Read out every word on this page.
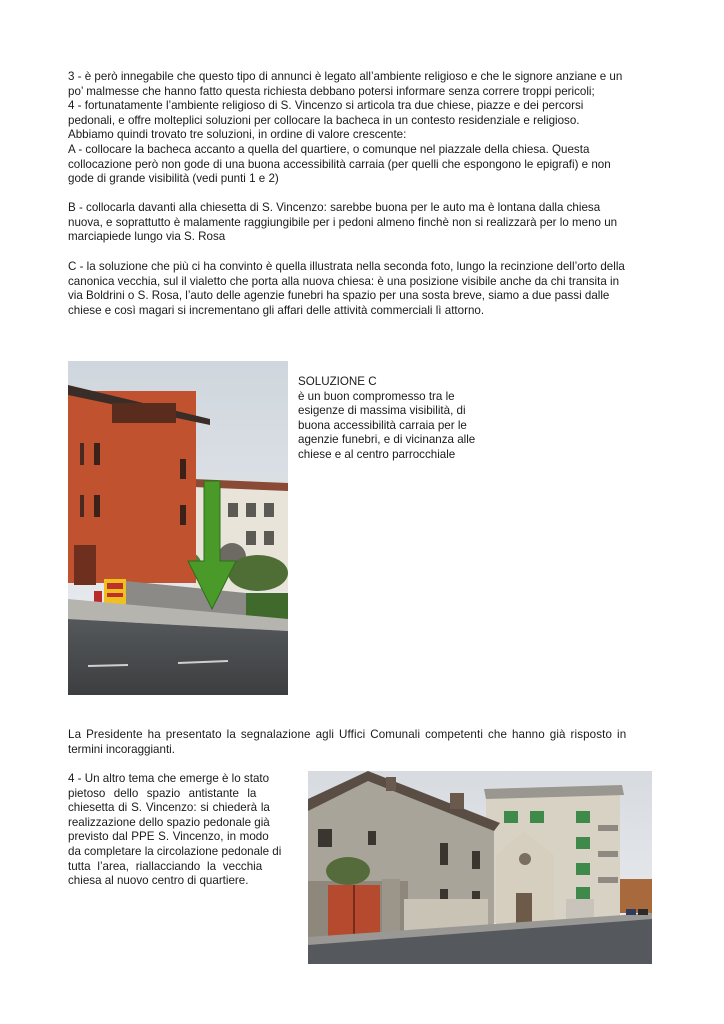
3 - è però innegabile che questo tipo di annunci è legato all’ambiente religioso e che le signore anziane e un
po’ malmesse che hanno fatto questa richiesta debbano potersi informare senza correre troppi pericoli;
4 - fortunatamente l’ambiente religioso di S. Vincenzo si articola tra due chiese, piazze e dei percorsi
pedonali, e offre molteplici soluzioni per collocare la bacheca in un contesto residenziale e religioso.
Abbiamo quindi trovato tre soluzioni, in ordine di valore crescente:
A - collocare la bacheca accanto a quella del quartiere, o comunque nel piazzale della chiesa. Questa
collocazione però non gode di una buona accessibilità carraia (per quelli che espongono le epigrafi) e non
gode di grande visibilità (vedi punti 1 e 2)
B - collocarla davanti alla chiesetta di S. Vincenzo: sarebbe buona per le auto ma è lontana dalla chiesa
nuova, e soprattutto è malamente raggiungibile per i pedoni almeno finchè non si realizzarà per lo meno un
marciapiede lungo via S. Rosa
C - la soluzione che più ci ha convinto è quella illustrata nella seconda foto, lungo la recinzione dell’orto della
canonica vecchia, sul il vialetto che porta alla nuova chiesa: è una posizione visibile anche da chi transita in
via Boldrini o S. Rosa, l’auto delle agenzie funebri ha spazio per una sosta breve, siamo a due passi dalle
chiese e così magari si incrementano gli affari delle attività commerciali lì attorno.
SOLUZIONE C
è un buon compromesso tra le
esigenze di massima visibilità, di
buona accessibilità carraia per le
agenzie funebri, e di vicinanza alle
chiese e al centro parrocchiale
La Presidente ha presentato la segnalazione agli Uffici Comunali competenti che hanno già risposto in
termini incoraggianti.
4 - Un altro tema che emerge è lo stato
pietoso dello spazio antistante la
chiesetta di S. Vincenzo: si chiederà la
realizzazione dello spazio pedonale già
previsto dal PPE S. Vincenzo, in modo
da completare la circolazione pedonale di
tutta l’area, riallacciando la vecchia
chiesa al nuovo centro di quartiere.
